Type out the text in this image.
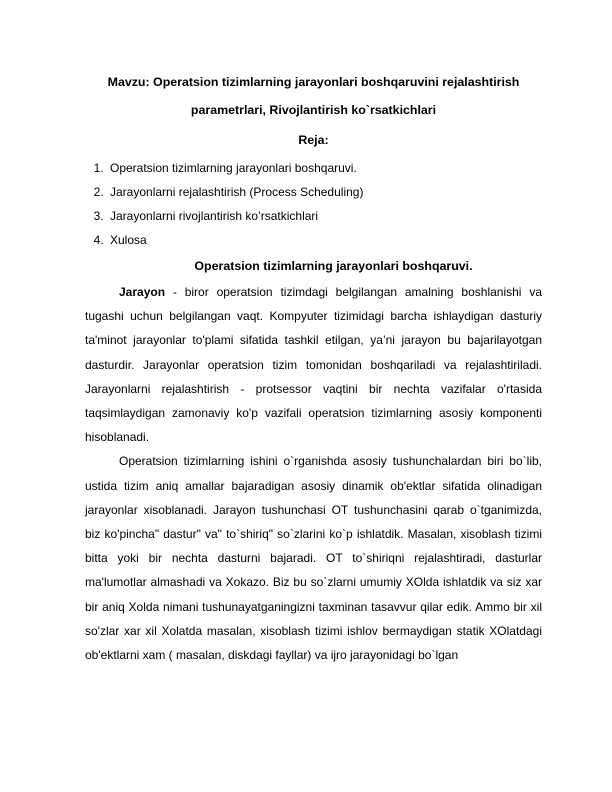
Mavzu: Operatsion tizimlarning jarayonlari boshqaruvini rejalashtirish

parametrlari, Rivojlantirish ko`rsatkichlari

Reja:

1. Operatsion tizimlarning jarayonlari boshqaruvi.
2. Jarayonlarni rejalashtirish (Process Scheduling)
3. Jarayonlarni rivojlantirish ko’rsatkichlari
4. Xulosa

Operatsion tizimlarning jarayonlari boshqaruvi.

Jarayon - biror operatsion tizimdagi belgilangan amalning boshlanishi va tugashi uchun belgilangan vaqt. Kompyuter tizimidagi barcha ishlaydigan dasturiy ta'minot jarayonlar to'plami sifatida tashkil etilgan, ya’ni jarayon bu bajarilayotgan dasturdir. Jarayonlar operatsion tizim tomonidan boshqariladi va rejalashtiriladi. Jarayonlarni rejalashtirish - protsessor vaqtini bir nechta vazifalar o'rtasida taqsimlaydigan zamonaviy ko'p vazifali operatsion tizimlarning asosiy komponenti hisoblanadi.

Operatsion tizimlarning ishini o`rganishda asosiy tushunchalardan biri bo`lib, ustida tizim aniq amallar bajaradigan asosiy dinamik ob'ektlar sifatida olinadigan jarayonlar xisoblanadi. Jarayon tushunchasi OT tushunchasini qarab o`tganimizda, biz ko'pincha" dastur" va" to`shiriq" so`zlarini ko`p ishlatdik. Masalan, xisoblash tizimi bitta yoki bir nechta dasturni bajaradi. OT to`shiriqni rejalashtiradi, dasturlar ma'lumotlar almashadi va Xokazo. Biz bu so`zlarni umumiy XOlda ishlatdik va siz xar bir aniq Xolda nimani tushunayatganingizni taxminan tasavvur qilar edik. Ammo bir xil so'zlar xar xil Xolatda masalan, xisoblash tizimi ishlov bermaydigan statik XOlatdagi ob'ektlarni xam ( masalan, diskdagi fayllar) va ijro jarayonidagi bo`lgan
